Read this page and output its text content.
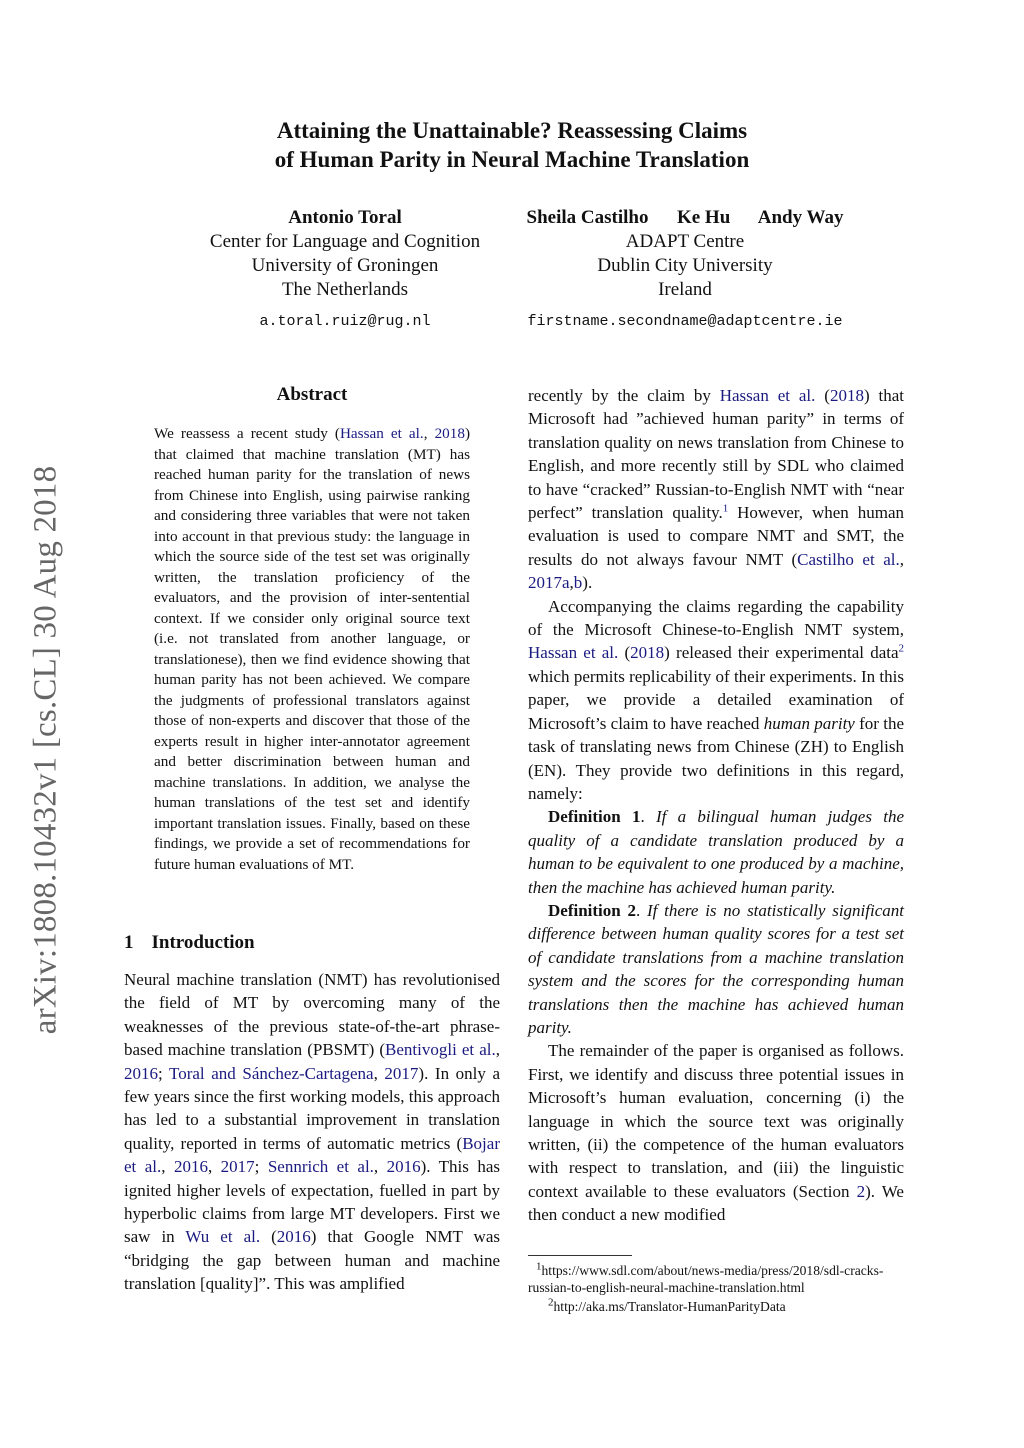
arXiv:1808.10432v1 [cs.CL] 30 Aug 2018
Attaining the Unattainable? Reassessing Claims
of Human Parity in Neural Machine Translation
Antonio Toral
Center for Language and Cognition
University of Groningen
The Netherlands
a.toral.ruiz@rug.nl
Sheila Castilho      Ke Hu      Andy Way
ADAPT Centre
Dublin City University
Ireland
firstname.secondname@adaptcentre.ie
Abstract
We reassess a recent study (Hassan et al., 2018) that claimed that machine translation (MT) has reached human parity for the translation of news from Chinese into English, using pairwise ranking and considering three variables that were not taken into account in that previous study: the language in which the source side of the test set was originally written, the translation proficiency of the evaluators, and the provision of inter-sentential context. If we consider only original source text (i.e. not translated from another language, or translationese), then we find evidence showing that human parity has not been achieved. We compare the judgments of professional translators against those of non-experts and discover that those of the experts result in higher inter-annotator agreement and better discrimination between human and machine translations. In addition, we analyse the human translations of the test set and identify important translation issues. Finally, based on these findings, we provide a set of recommendations for future human evaluations of MT.
1 Introduction

Neural machine translation (NMT) has revolutionised the field of MT by overcoming many of the weaknesses of the previous state-of-the-art phrase-based machine translation (PBSMT) (Bentivogli et al., 2016; Toral and Sánchez-Cartagena, 2017). In only a few years since the first working models, this approach has led to a substantial improvement in translation quality, reported in terms of automatic metrics (Bojar et al., 2016, 2017; Sennrich et al., 2016). This has ignited higher levels of expectation, fuelled in part by hyperbolic claims from large MT developers. First we saw in Wu et al. (2016) that Google NMT was “bridging the gap between human and machine translation [quality]”. This was amplified

recently by the claim by Hassan et al. (2018) that Microsoft had ”achieved human parity” in terms of translation quality on news translation from Chinese to English, and more recently still by SDL who claimed to have “cracked” Russian-to-English NMT with “near perfect” translation quality.$^1$ However, when human evaluation is used to compare NMT and SMT, the results do not always favour NMT (Castilho et al., 2017a,b).

Accompanying the claims regarding the capability of the Microsoft Chinese-to-English NMT system, Hassan et al. (2018) released their experimental data$^2$ which permits replicability of their experiments. In this paper, we provide a detailed examination of Microsoft’s claim to have reached human parity for the task of translating news from Chinese (ZH) to English (EN). They provide two definitions in this regard, namely:

Definition 1. If a bilingual human judges the quality of a candidate translation produced by a human to be equivalent to one produced by a machine, then the machine has achieved human parity.

Definition 2. If there is no statistically significant difference between human quality scores for a test set of candidate translations from a machine translation system and the scores for the corresponding human translations then the machine has achieved human parity.

The remainder of the paper is organised as follows. First, we identify and discuss three potential issues in Microsoft’s human evaluation, concerning (i) the language in which the source text was originally written, (ii) the competence of the human evaluators with respect to translation, and (iii) the linguistic context available to these evaluators (Section 2). We then conduct a new modified

$^1$https://www.sdl.com/about/news-media/press/2018/sdl-cracks-russian-to-english-neural-machine-translation.html
$^2$http://aka.ms/Translator-HumanParityData
